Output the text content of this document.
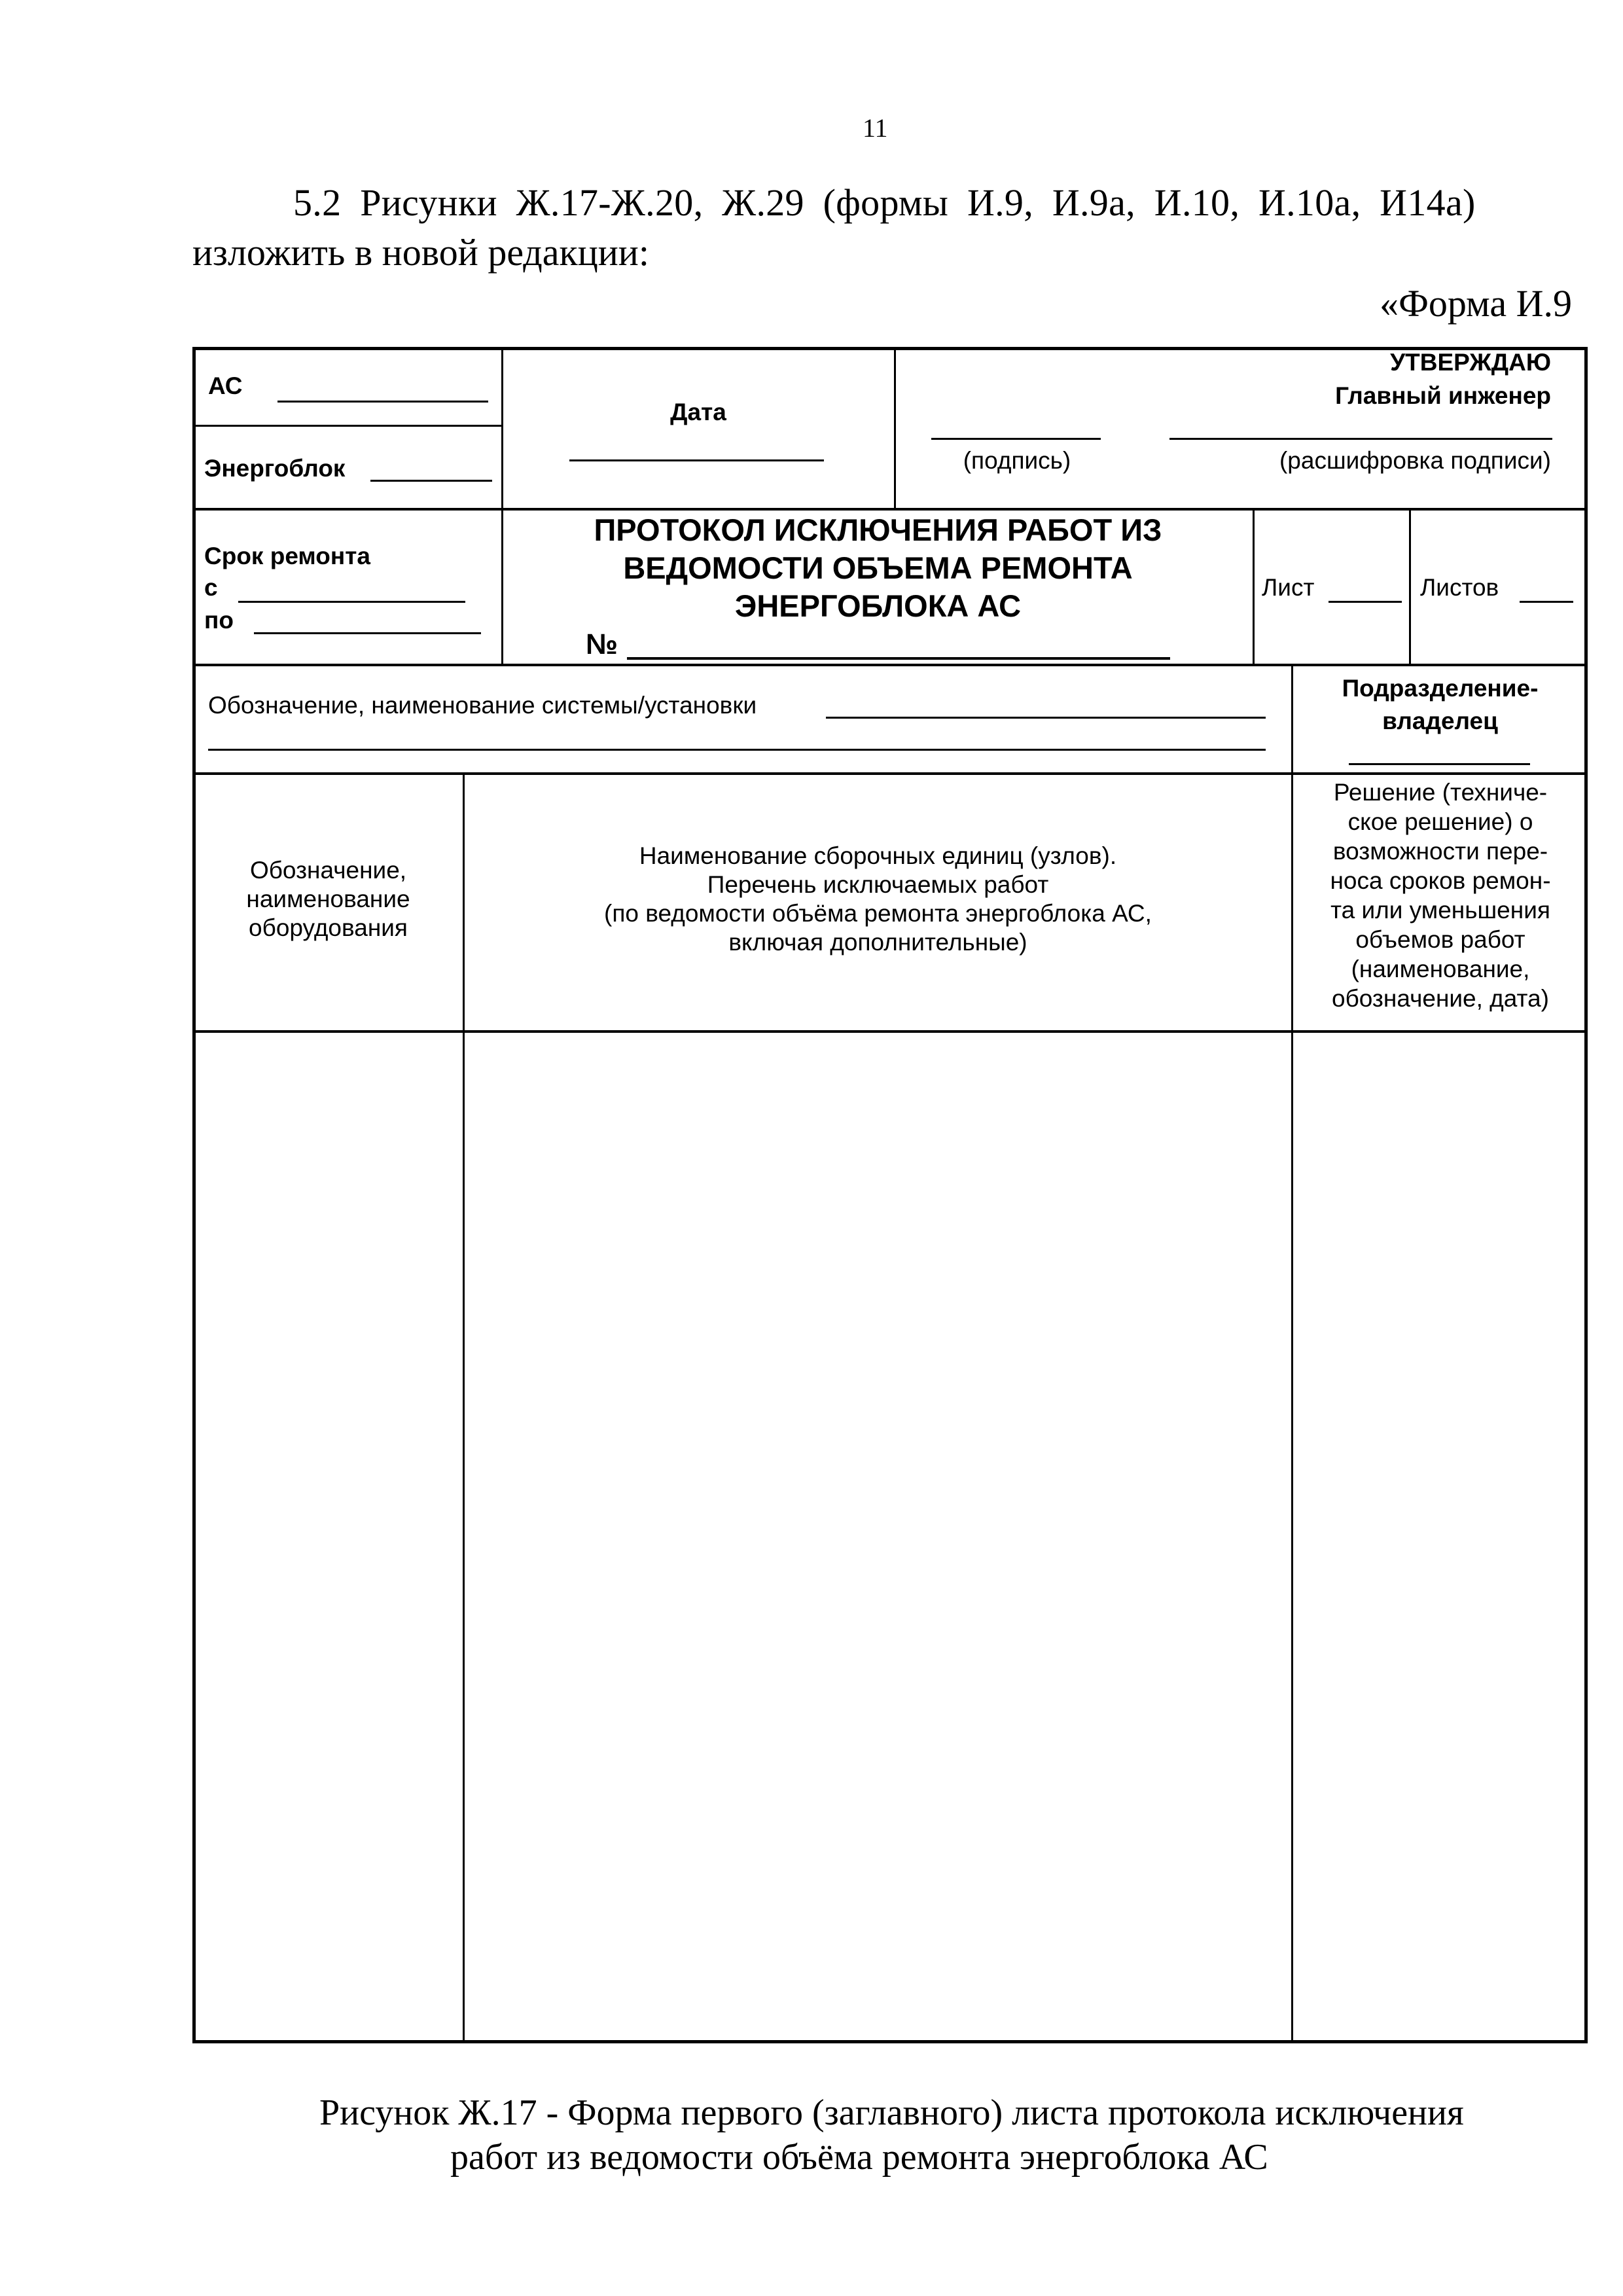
11
5.2 Рисунки Ж.17-Ж.20, Ж.29 (формы И.9, И.9а, И.10, И.10а, И14а)
изложить в новой редакции:
«Форма И.9
АС
Энергоблок
Дата
УТВЕРЖДАЮ
Главный инженер
(подпись)	(расшифровка подписи)
Срок ремонта
с
по
ПРОТОКОЛ ИСКЛЮЧЕНИЯ РАБОТ ИЗ
ВЕДОМОСТИ ОБЪЕМА РЕМОНТА
ЭНЕРГОБЛОКА АС
№
Лист	Листов
Обозначение, наименование системы/установки
Подразделение-
владелец
Обозначение,
наименование
оборудования
Наименование сборочных единиц (узлов).
Перечень исключаемых работ
(по ведомости объёма ремонта энергоблока АС,
включая дополнительные)
Решение (техниче-
ское решение) о
возможности пере-
носа сроков ремон-
та или уменьшения
объемов работ
(наименование,
обозначение, дата)
Рисунок Ж.17 - Форма первого (заглавного) листа протокола исключения
работ из ведомости объёма ремонта энергоблока АС
